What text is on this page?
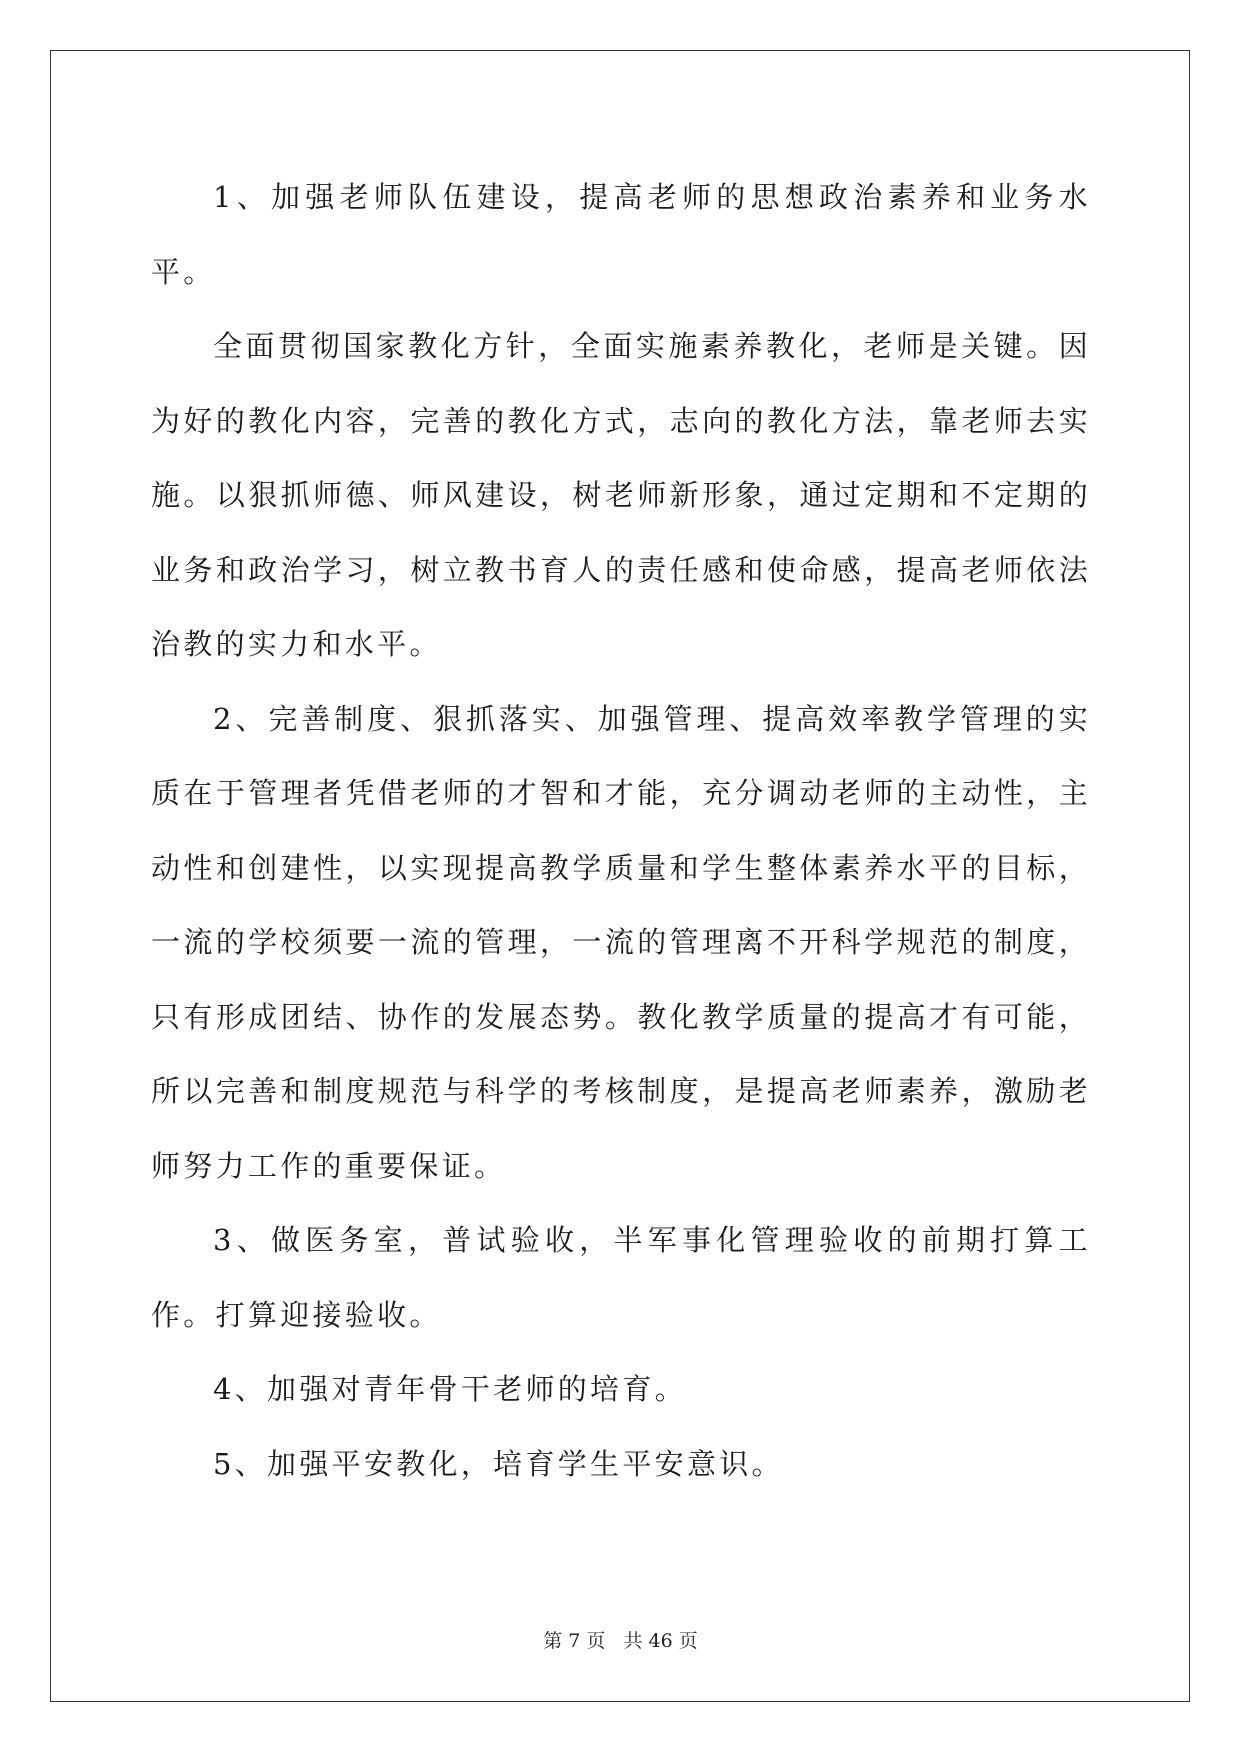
1、加强老师队伍建设，提高老师的思想政治素养和业务水平。

全面贯彻国家教化方针，全面实施素养教化，老师是关键。因为好的教化内容，完善的教化方式，志向的教化方法，靠老师去实施。以狠抓师德、师风建设，树老师新形象，通过定期和不定期的业务和政治学习，树立教书育人的责任感和使命感，提高老师依法治教的实力和水平。

2、完善制度、狠抓落实、加强管理、提高效率教学管理的实质在于管理者凭借老师的才智和才能，充分调动老师的主动性，主动性和创建性，以实现提高教学质量和学生整体素养水平的目标，一流的学校须要一流的管理，一流的管理离不开科学规范的制度，只有形成团结、协作的发展态势。教化教学质量的提高才有可能，所以完善和制度规范与科学的考核制度，是提高老师素养，激励老师努力工作的重要保证。

3、做医务室，普试验收，半军事化管理验收的前期打算工作。打算迎接验收。

4、加强对青年骨干老师的培育。

5、加强平安教化，培育学生平安意识。

第 7 页   共 46 页
